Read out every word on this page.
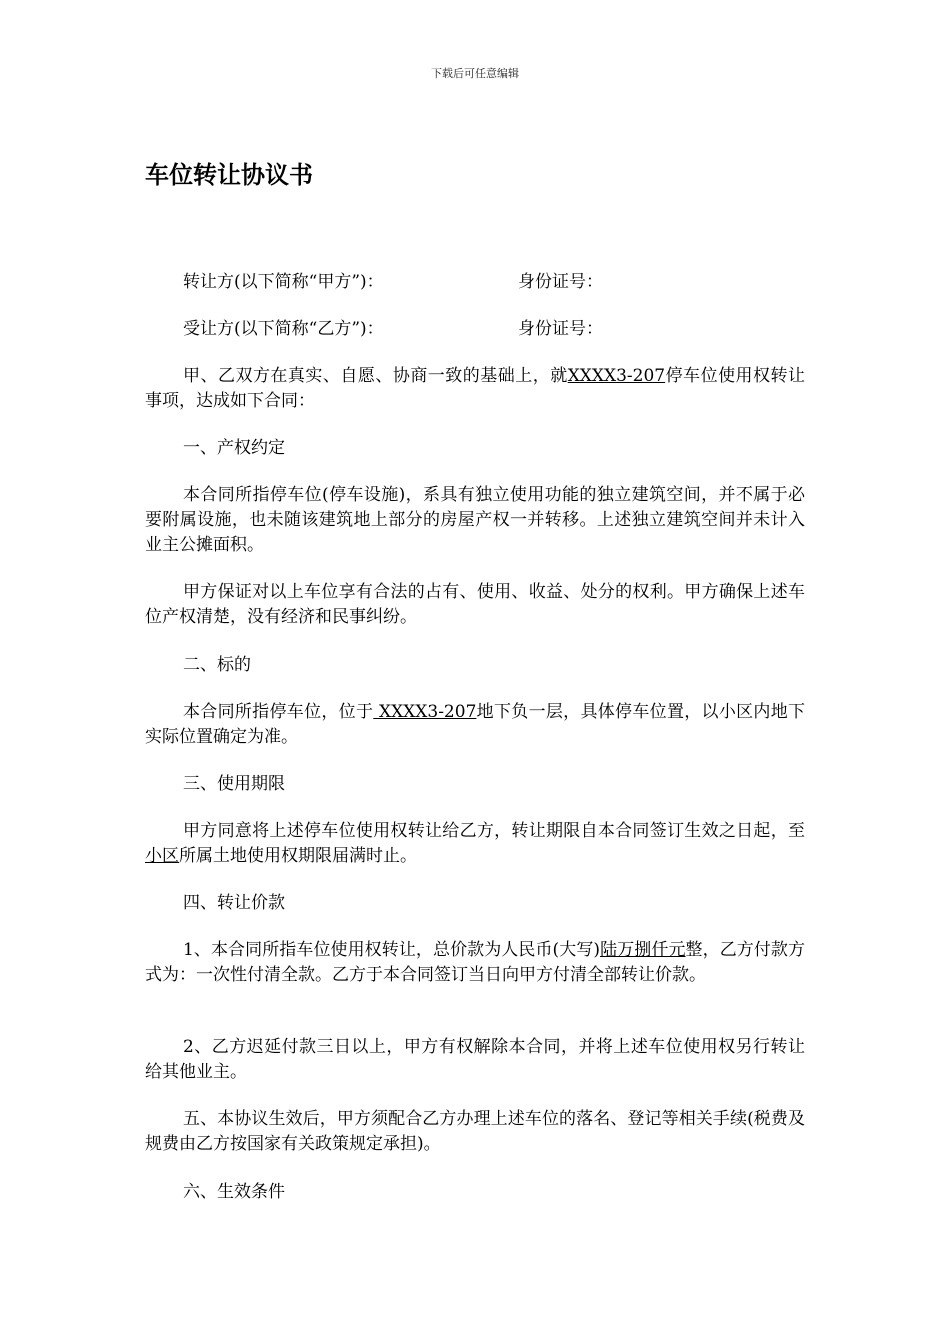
下载后可任意编辑
车位转让协议书
转让方(以下简称“甲方”)：	身份证号：
受让方(以下简称“乙方”)：	身份证号：

甲、乙双方在真实、自愿、协商一致的基础上，就XXXX3-207停车位使用权转让事项，达成如下合同：

一、产权约定

本合同所指停车位(停车设施)，系具有独立使用功能的独立建筑空间，并不属于必要附属设施，也未随该建筑地上部分的房屋产权一并转移。上述独立建筑空间并未计入业主公摊面积。

甲方保证对以上车位享有合法的占有、使用、收益、处分的权利。甲方确保上述车位产权清楚，没有经济和民事纠纷。

二、标的

本合同所指停车位，位于 XXXX3-207地下负一层，具体停车位置，以小区内地下实际位置确定为准。

三、使用期限

甲方同意将上述停车位使用权转让给乙方，转让期限自本合同签订生效之日起，至 小区所属土地使用权期限届满时止。

四、转让价款

1、本合同所指车位使用权转让，总价款为人民币(大写)陆万捌仟元整，乙方付款方式为：一次性付清全款。乙方于本合同签订当日向甲方付清全部转让价款。

2、乙方迟延付款三日以上，甲方有权解除本合同，并将上述车位使用权另行转让给其他业主。

五、本协议生效后，甲方须配合乙方办理上述车位的落名、登记等相关手续(税费及规费由乙方按国家有关政策规定承担)。

六、生效条件
